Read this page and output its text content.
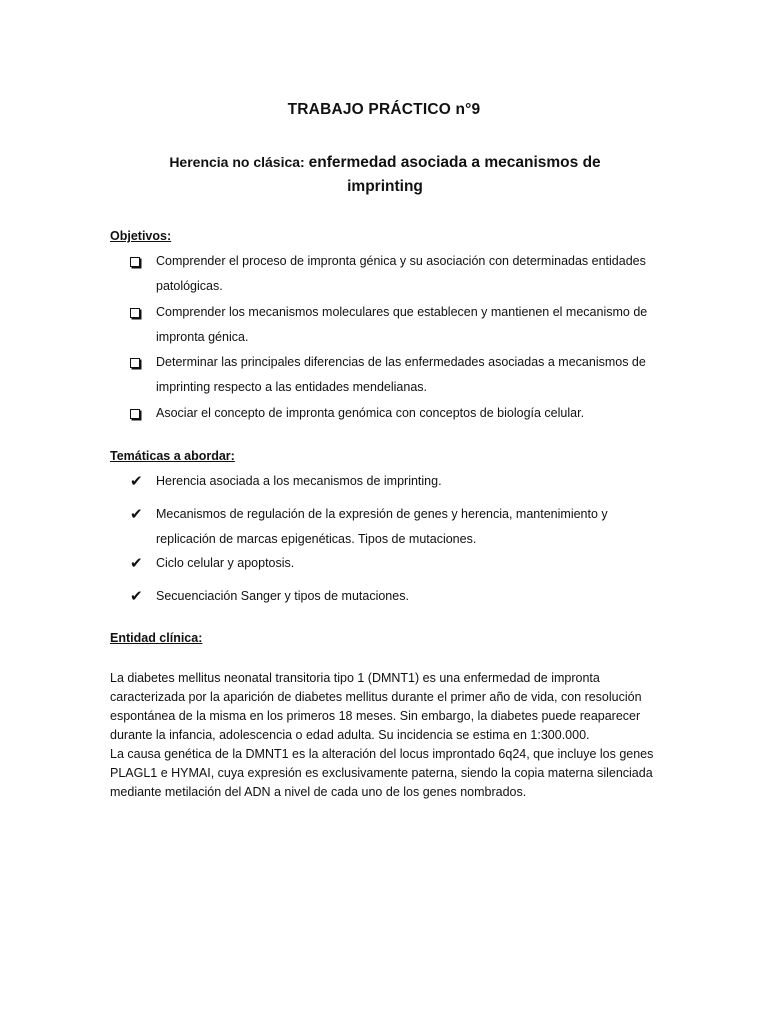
TRABAJO PRÁCTICO n°9
Herencia no clásica: enfermedad asociada a mecanismos de imprinting
Objetivos:
Comprender el proceso de impronta génica y su asociación con determinadas entidades patológicas.
Comprender los mecanismos moleculares que establecen y mantienen el mecanismo de impronta génica.
Determinar las principales diferencias de las enfermedades asociadas a mecanismos de imprinting respecto a las entidades mendelianas.
Asociar el concepto de impronta genómica con conceptos de biología celular.
Temáticas a abordar:
✔	Herencia asociada a los mecanismos de imprinting.
✔	Mecanismos de regulación de la expresión de genes y herencia, mantenimiento y replicación de marcas epigenéticas. Tipos de mutaciones.
✔	Ciclo celular y apoptosis.
✔	Secuenciación Sanger y tipos de mutaciones.
Entidad clínica:

La diabetes mellitus neonatal transitoria tipo 1 (DMNT1) es una enfermedad de impronta caracterizada por la aparición de diabetes mellitus durante el primer año de vida, con resolución espontánea de la misma en los primeros 18 meses. Sin embargo, la diabetes puede reaparecer durante la infancia, adolescencia o edad adulta. Su incidencia se estima en 1:300.000.

La causa genética de la DMNT1 es la alteración del locus improntado 6q24, que incluye los genes PLAGL1 e HYMAI, cuya expresión es exclusivamente paterna, siendo la copia materna silenciada mediante metilación del ADN a nivel de cada uno de los genes nombrados.
